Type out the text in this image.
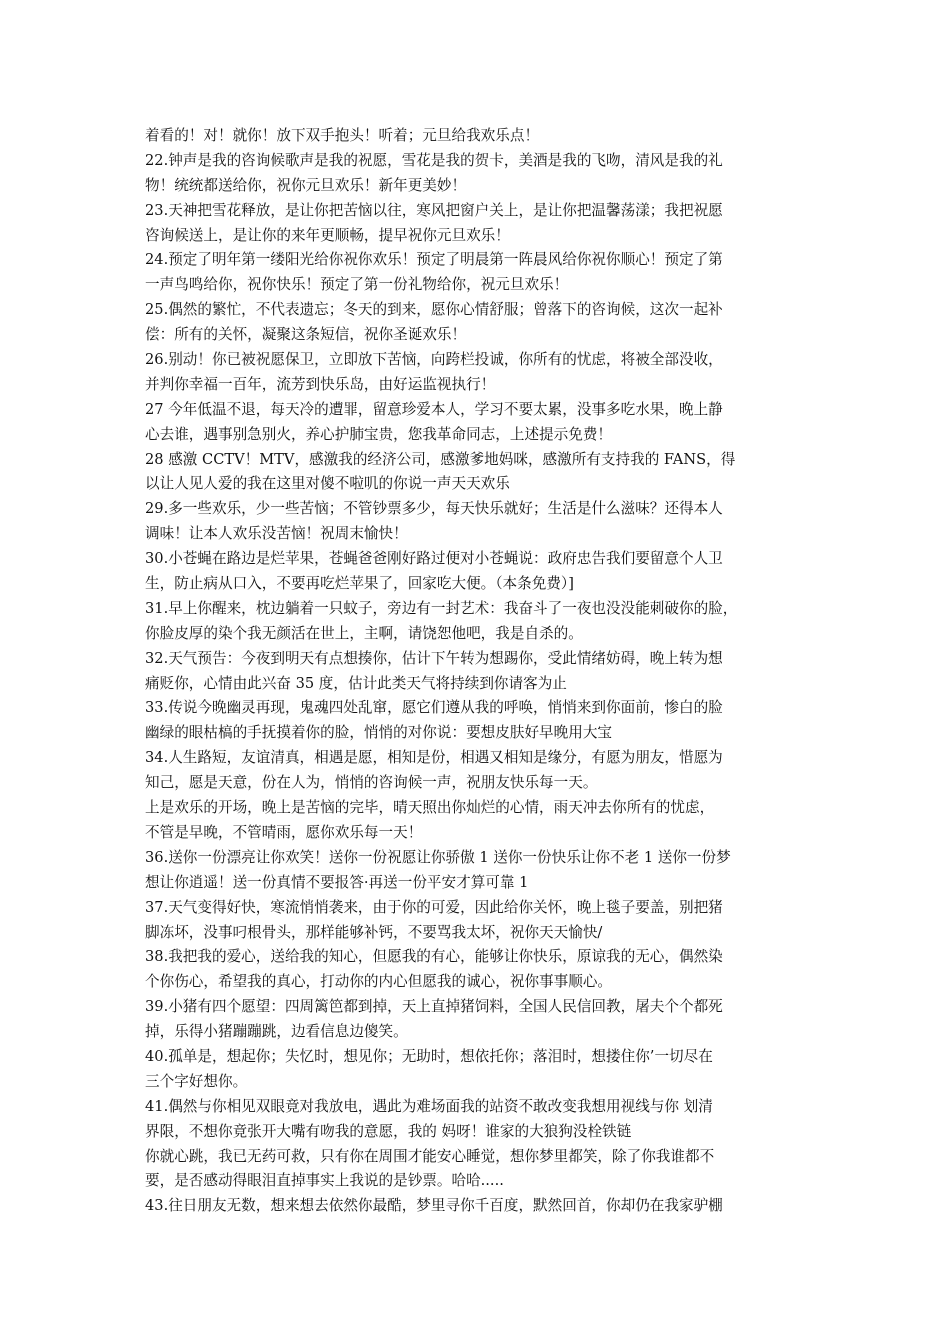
着看的！对！就你！放下双手抱头！听着；元旦给我欢乐点！
22.钟声是我的咨询候歌声是我的祝愿，雪花是我的贺卡，美酒是我的飞吻，清风是我的礼
物！统统都送给你，祝你元旦欢乐！新年更美妙！
23.天神把雪花释放，是让你把苦恼以往，寒风把窗户关上，是让你把温馨荡漾；我把祝愿
咨询候送上，是让你的来年更顺畅，提早祝你元旦欢乐！
24.预定了明年第一缕阳光给你祝你欢乐！预定了明晨第一阵晨风给你祝你顺心！预定了第
一声鸟鸣给你，祝你快乐！预定了第一份礼物给你，祝元旦欢乐！
25.偶然的繁忙，不代表遗忘；冬天的到来，愿你心情舒服；曾落下的咨询候，这次一起补
偿：所有的关怀，凝聚这条短信，祝你圣诞欢乐！
26.别动！你已被祝愿保卫，立即放下苦恼，向跨栏投诚，你所有的忧虑，将被全部没收，
并判你幸福一百年，流芳到快乐岛，由好运监视执行！
27 今年低温不退，每天冷的遭罪，留意珍爱本人，学习不要太累，没事多吃水果，晚上静
心去谁，遇事别急别火，养心护肺宝贵，您我革命同志，上述提示免费！
28 感激 CCTV！MTV，感激我的经济公司，感激爹地妈咪，感激所有支持我的 FANS，得
以让人见人爱的我在这里对傻不啦叽的你说一声天天欢乐
29.多一些欢乐，少一些苦恼；不管钞票多少，每天快乐就好；生活是什么滋味？还得本人
调味！让本人欢乐没苦恼！祝周末愉快！
30.小苍蝇在路边是烂苹果，苍蝇爸爸刚好路过便对小苍蝇说：政府忠告我们要留意个人卫
生，防止病从口入，不要再吃烂苹果了，回家吃大便。（本条免费）]
31.早上你醒来，枕边躺着一只蚊子，旁边有一封艺术：我奋斗了一夜也没没能刺破你的脸，
你脸皮厚的染个我无颜活在世上，主啊，请饶恕他吧，我是自杀的。
32.天气预告：今夜到明天有点想揍你，估计下午转为想踢你，受此情绪妨碍，晚上转为想
痛贬你，心情由此兴奋 35 度，估计此类天气将持续到你请客为止
33.传说今晚幽灵再现，鬼魂四处乱窜，愿它们遵从我的呼唤，悄悄来到你面前，惨白的脸
幽绿的眼枯槁的手抚摸着你的脸，悄悄的对你说：要想皮肤好早晚用大宝
34.人生路短，友谊清真，相遇是愿，相知是份，相遇又相知是缘分，有愿为朋友，惜愿为
知己，愿是天意，份在人为，悄悄的咨询候一声，祝朋友快乐每一天。
上是欢乐的开场，晚上是苦恼的完毕，晴天照出你灿烂的心情，雨天冲去你所有的忧虑，
不管是早晚，不管晴雨，愿你欢乐每一天！
36.送你一份漂亮让你欢笑！送你一份祝愿让你骄傲 1 送你一份快乐让你不老 1 送你一份梦
想让你逍遥！送一份真情不要报答·再送一份平安才算可靠 1
37.天气变得好快，寒流悄悄袭来，由于你的可爱，因此给你关怀，晚上毯子要盖，别把猪
脚冻坏，没事叼根骨头，那样能够补钙，不要骂我太坏，祝你天天愉快/
38.我把我的爱心，送给我的知心，但愿我的有心，能够让你快乐，原谅我的无心，偶然染
个你伤心，希望我的真心，打动你的内心但愿我的诚心，祝你事事顺心。
39.小猪有四个愿望：四周篱笆都到掉，天上直掉猪饲料，全国人民信回教，屠夫个个都死
掉，乐得小猪蹦蹦跳，边看信息边傻笑。
40.孤单是，想起你；失忆时，想见你；无助时，想依托你；落泪时，想搂住你’一切尽在
三个字好想你。
41.偶然与你相见双眼竟对我放电，遇此为难场面我的站资不敢改变我想用视线与你 划清
界限，不想你竟张开大嘴有吻我的意愿，我的 妈呀！谁家的大狼狗没栓铁链
你就心跳，我已无药可救，只有你在周围才能安心睡觉，想你梦里都笑，除了你我谁都不
要，是否感动得眼泪直掉事实上我说的是钞票。哈哈.....
43.往日朋友无数，想来想去依然你最酷，梦里寻你千百度，默然回首，你却仍在我家驴棚
